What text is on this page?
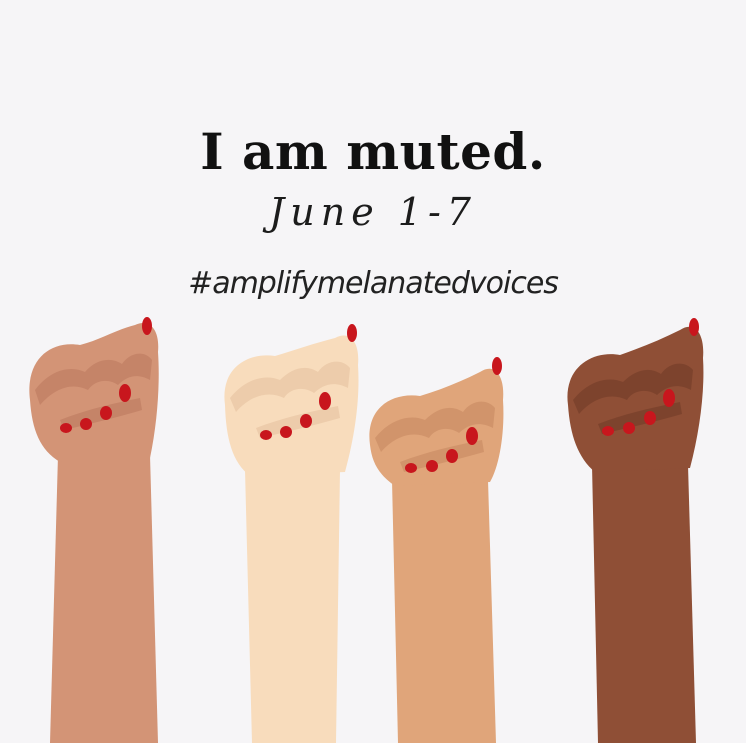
I am muted.
June 1-7
#amplifymelanatedvoices
